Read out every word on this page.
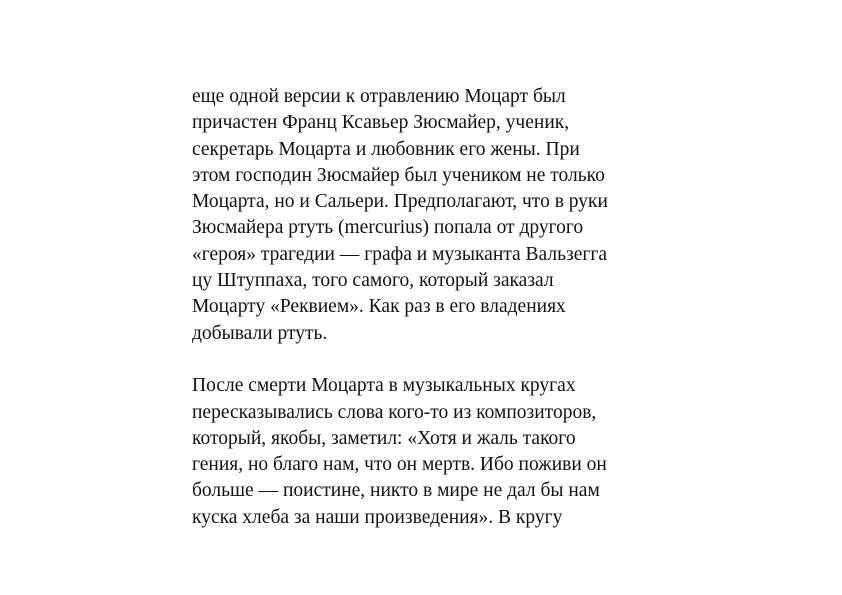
еще одной версии к отравлению Моцарт был
причастен Франц Ксавьер Зюсмайер, ученик,
секретарь Моцарта и любовник его жены. При
этом господин Зюсмайер был учеником не только
Моцарта, но и Сальери. Предполагают, что в руки
Зюсмайера ртуть (mercurius) попала от другого
«героя» трагедии — графа и музыканта Вальзегга
цу Штуппаха, того самого, который заказал
Моцарту «Реквием». Как раз в его владениях
добывали ртуть.

После смерти Моцарта в музыкальных кругах
пересказывались слова кого-то из композиторов,
который, якобы, заметил: «Хотя и жаль такого
гения, но благо нам, что он мертв. Ибо поживи он
больше — поистине, никто в мире не дал бы нам
куска хлеба за наши произведения». В кругу
